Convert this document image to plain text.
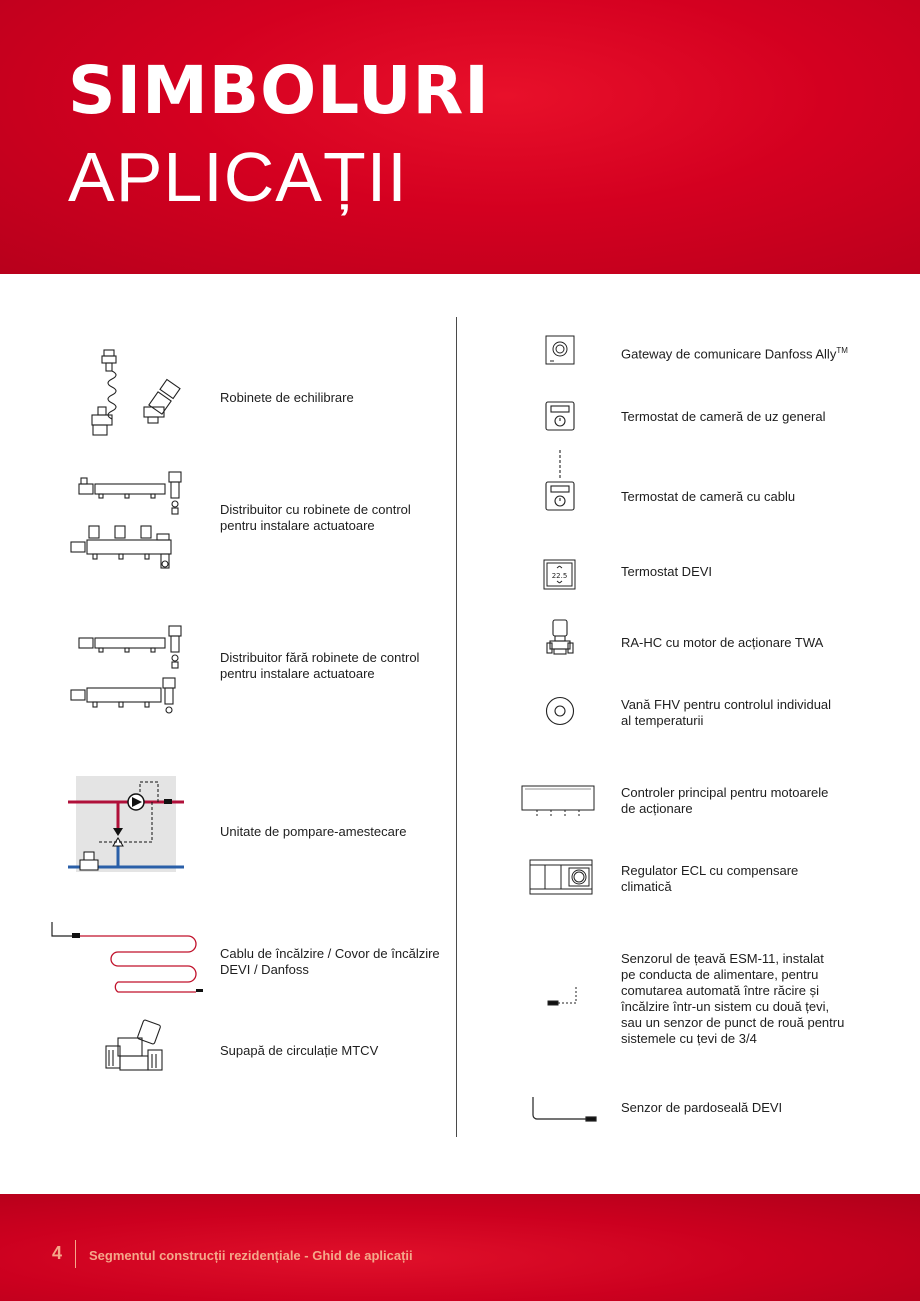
SIMBOLURI
APLICAȚII
Robinete de echilibrare
Distribuitor cu robinete de control
pentru instalare actuatoare
Distribuitor fără robinete de control
pentru instalare actuatoare
Unitate de pompare-amestecare
Cablu de încălzire / Covor de încălzire
DEVI / Danfoss
Supapă de circulație MTCV
Gateway de comunicare Danfoss Ally™
Termostat de cameră de uz general
Termostat de cameră cu cablu
22.5	Termostat DEVI
RA-HC cu motor de acționare TWA
Vană FHV pentru controlul individual
al temperaturii
Controler principal pentru motoarele
de acționare
Regulator ECL cu compensare
climatică
Senzorul de țeavă ESM-11, instalat
pe conducta de alimentare, pentru
comutarea automată între răcire și
încălzire într-un sistem cu două țevi,
sau un senzor de punct de rouă pentru
sistemele cu țevi de 3/4
Senzor de pardoseală DEVI
4 Segmentul construcții rezidențiale - Ghid de aplicații
